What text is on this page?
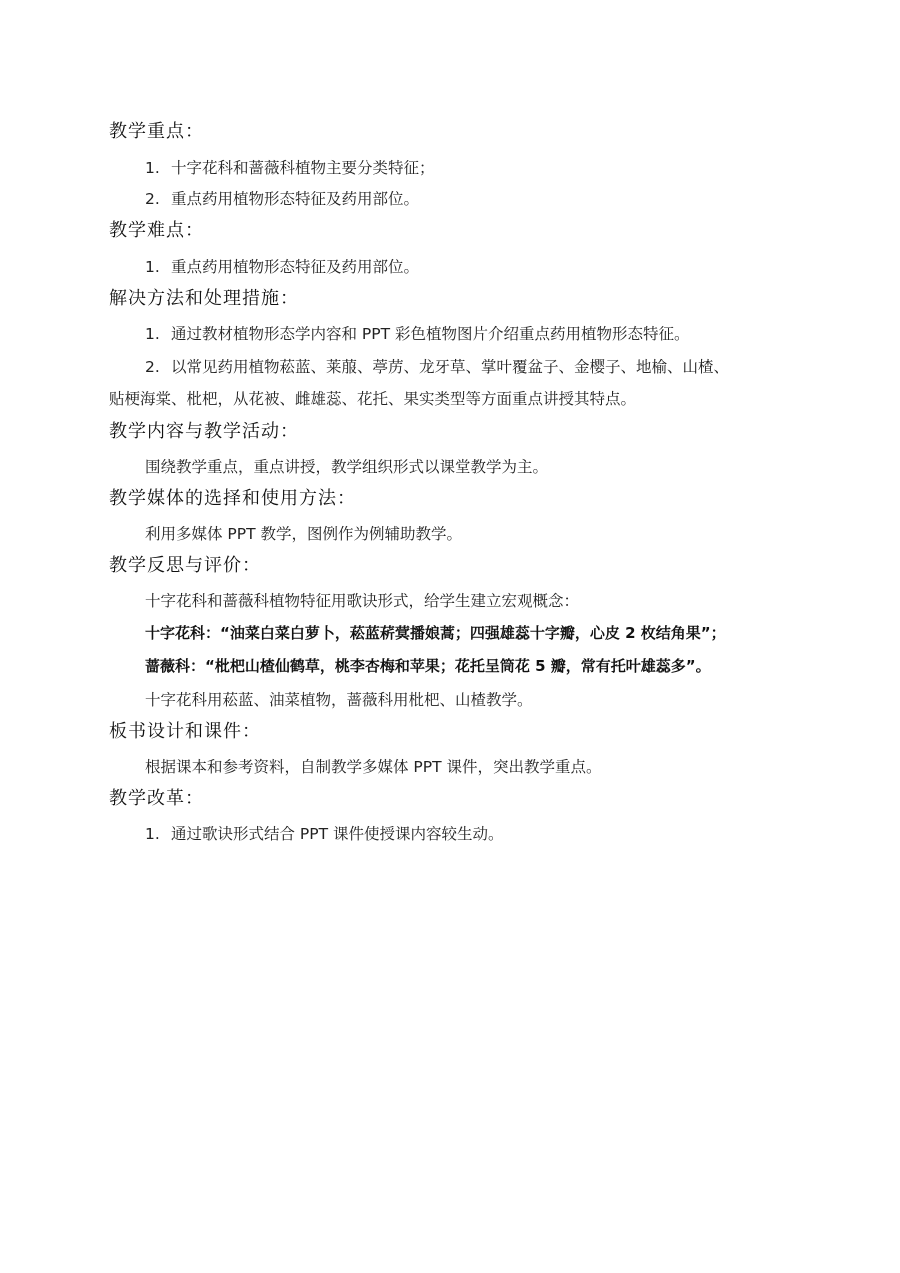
教学重点：
1. 十字花科和蔷薇科植物主要分类特征；
2. 重点药用植物形态特征及药用部位。
教学难点：
1. 重点药用植物形态特征及药用部位。
解决方法和处理措施：
1. 通过教材植物形态学内容和 PPT 彩色植物图片介绍重点药用植物形态特征。
2. 以常见药用植物菘蓝、莱菔、葶苈、龙牙草、掌叶覆盆子、金樱子、地榆、山楂、
贴梗海棠、枇杷，从花被、雌雄蕊、花托、果实类型等方面重点讲授其特点。
教学内容与教学活动：
围绕教学重点，重点讲授，教学组织形式以课堂教学为主。
教学媒体的选择和使用方法：
利用多媒体 PPT 教学，图例作为例辅助教学。
教学反思与评价：
十字花科和蔷薇科植物特征用歌诀形式，给学生建立宏观概念：
十字花科：“油菜白菜白萝卜，菘蓝菥蓂播娘蒿；四强雄蕊十字瓣，心皮 2 枚结角果”；
蔷薇科：“枇杷山楂仙鹤草，桃李杏梅和苹果；花托呈筒花 5 瓣，常有托叶雄蕊多”。
十字花科用菘蓝、油菜植物，蔷薇科用枇杷、山楂教学。
板书设计和课件：
根据课本和参考资料，自制教学多媒体 PPT 课件，突出教学重点。
教学改革：
1. 通过歌诀形式结合 PPT 课件使授课内容较生动。
